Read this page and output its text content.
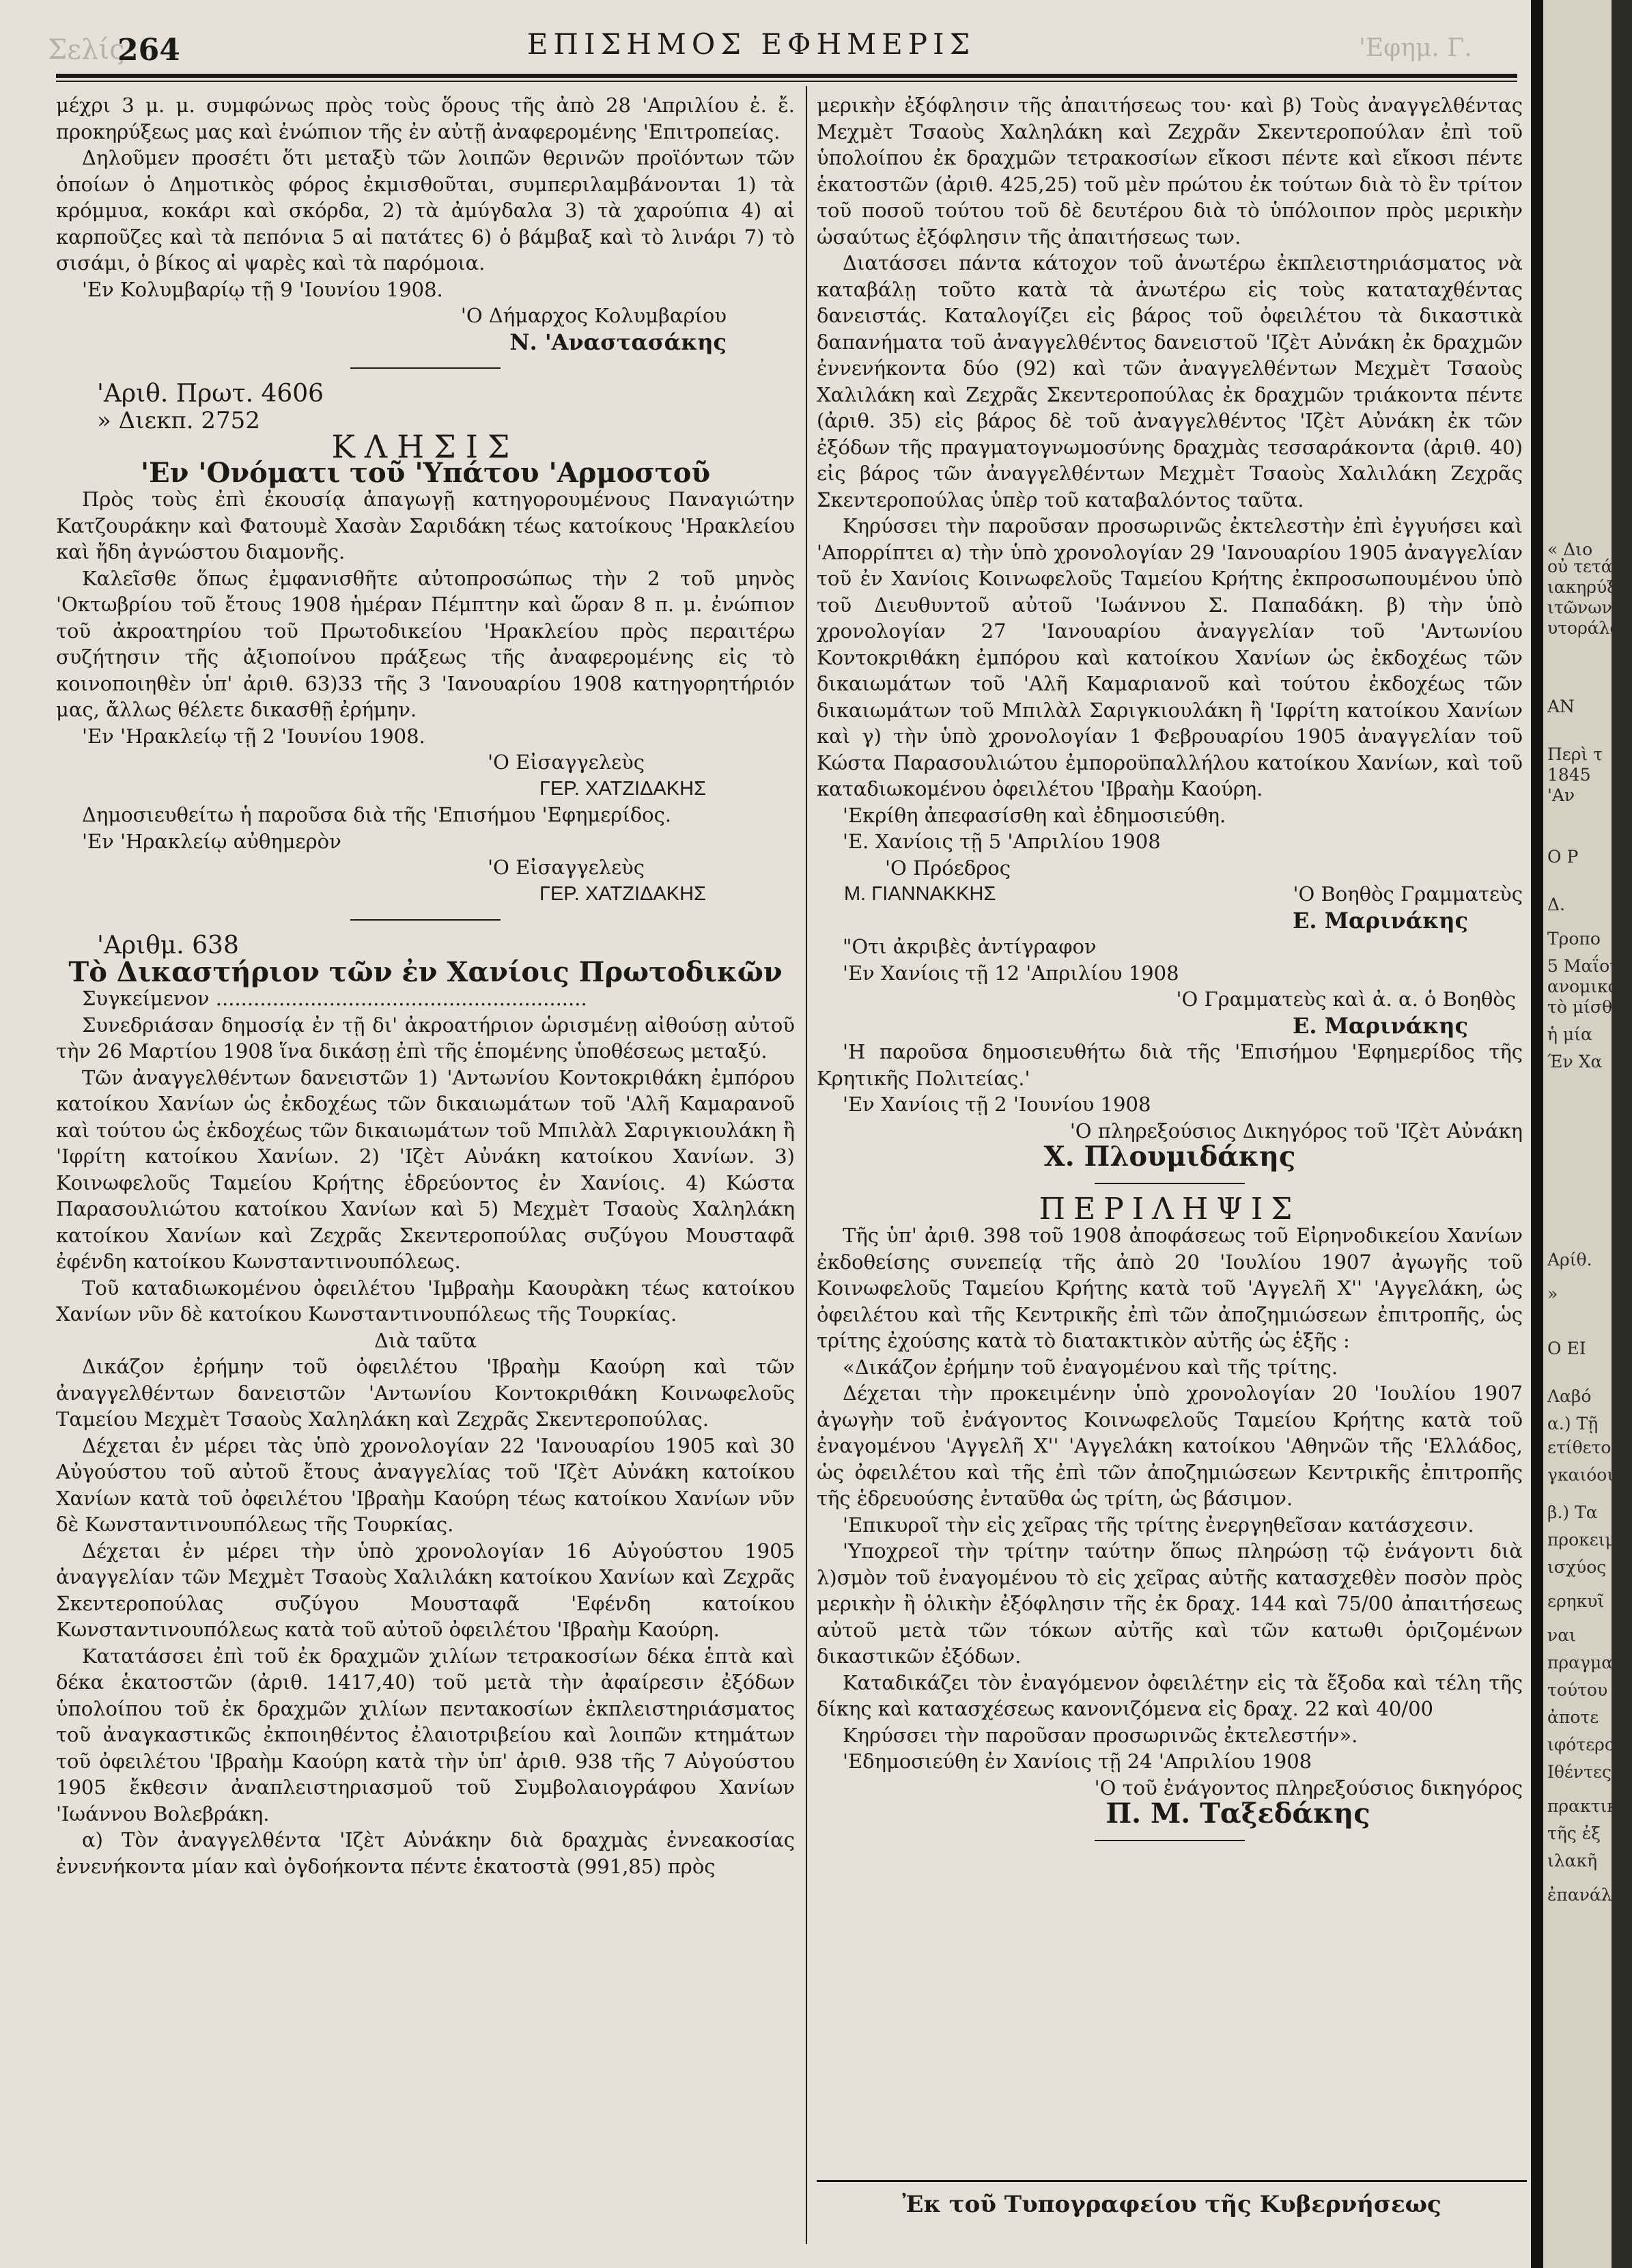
Σελίς
264	ΕΠΙΣΗΜΟΣ ΕΦΗΜΕΡΙΣ	'Εφημ. Γ.

μέχρι 3 μ. μ. συμφώνως πρὸς τοὺς ὅρους τῆς ἀπὸ 28 'Απριλίου ἐ. ἔ. προκηρύξεως μας καὶ ἐνώπιον τῆς ἐν αὐτῇ ἀναφερομένης 'Επιτροπείας.

Δηλοῦμεν προσέτι ὅτι μεταξὺ τῶν λοιπῶν θερινῶν προϊόντων τῶν ὁποίων ὁ Δημοτικὸς φόρος ἐκμισθοῦται, συμπεριλαμβάνονται 1) τὰ κρόμμυα, κοκάρι καὶ σκόρδα, 2) τὰ ἀμύγδαλα 3) τὰ χαρούπια 4) αἱ καρποῦζες καὶ τὰ πεπόνια 5 αἱ πατάτες 6) ὁ βάμβαξ καὶ τὸ λινάρι 7) τὸ σισάμι, ὁ βίκος αἱ ψαρὲς καὶ τὰ παρόμοια.

'Εν Κολυμβαρίῳ τῇ 9 'Ιουνίου 1908.

'Ο Δήμαρχος Κολυμβαρίου

Ν. 'Αναστασάκης

'Αριθ. Πρωτ. 4606

» Διεκπ. 2752

ΚΛΗΣΙΣ

'Εν 'Ονόματι τοῦ 'Υπάτου 'Αρμοστοῦ

Πρὸς τοὺς ἐπὶ ἐκουσίᾳ ἀπαγωγῇ κατηγορουμένους Παναγιώτην Κατζουράκην καὶ Φατουμὲ Χασὰν Σαριδάκη τέως κατοίκους 'Ηρακλείου καὶ ἤδη ἀγνώστου διαμονῆς.

Καλεῖσθε ὅπως ἐμφανισθῆτε αὐτοπροσώπως τὴν 2 τοῦ μηνὸς 'Οκτωβρίου τοῦ ἔτους 1908 ἡμέραν Πέμπτην καὶ ὥραν 8 π. μ. ἐνώπιον τοῦ ἀκροατηρίου τοῦ Πρωτοδικείου 'Ηρακλείου πρὸς περαιτέρω συζήτησιν τῆς ἀξιοποίνου πράξεως τῆς ἀναφερομένης εἰς τὸ κοινοποιηθὲν ὑπ' ἀριθ. 63)33 τῆς 3 'Ιανουαρίου 1908 κατηγορητήριόν μας, ἄλλως θέλετε δικασθῇ ἐρήμην.

'Εν 'Ηρακλείῳ τῇ 2 'Ιουνίου 1908.

'Ο Εἰσαγγελεὺς

ΓΕΡ. ΧΑΤΖΙΔΑΚΗΣ

Δημοσιευθείτω ἡ παροῦσα διὰ τῆς 'Επισήμου 'Εφημερίδος.

'Εν 'Ηρακλείῳ αὐθημερὸν

'Ο Εἰσαγγελεὺς

ΓΕΡ. ΧΑΤΖΙΔΑΚΗΣ

'Αριθμ. 638

Τὸ Δικαστήριον τῶν ἐν Χανίοις Πρωτοδικῶν

Συγκείμενον ...........................................................

Συνεδριάσαν δημοσίᾳ ἐν τῇ δι' ἀκροατήριον ὡρισμένῃ αἰθούσῃ αὐτοῦ τὴν 26 Μαρτίου 1908 ἵνα δικάσῃ ἐπὶ τῆς ἑπομένης ὑποθέσεως μεταξύ.

Τῶν ἀναγγελθέντων δανειστῶν 1) 'Αντωνίου Κοντοκριθάκη ἐμπόρου κατοίκου Χανίων ὡς ἐκδοχέως τῶν δικαιωμάτων τοῦ 'Αλῆ Καμαρανοῦ καὶ τούτου ὡς ἐκδοχέως τῶν δικαιωμάτων τοῦ Μπιλὰλ Σαριγκιουλάκη ἢ 'Ιφρίτη κατοίκου Χανίων. 2) 'Ιζὲτ Αὐνάκη κατοίκου Χανίων. 3) Κοινωφελοῦς Ταμείου Κρήτης ἑδρεύοντος ἐν Χανίοις. 4) Κώστα Παρασουλιώτου κατοίκου Χανίων καὶ 5) Μεχμὲτ Τσαοὺς Χαληλάκη κατοίκου Χανίων καὶ Ζεχρᾶς Σκεντεροπούλας συζύγου Μουσταφᾶ ἐφένδη κατοίκου Κωνσταντινουπόλεως.

Τοῦ καταδιωκομένου ὀφειλέτου 'Ιμβραὴμ Καουρὰκη τέως κατοίκου Χανίων νῦν δὲ κατοίκου Κωνσταντινουπόλεως τῆς Τουρκίας.

Διὰ ταῦτα

Δικάζον ἐρήμην τοῦ ὀφειλέτου 'Ιβραὴμ Καούρη καὶ τῶν ἀναγγελθέντων δανειστῶν 'Αντωνίου Κοντοκριθάκη Κοινωφελοῦς Ταμείου Μεχμὲτ Τσαοὺς Χαληλάκη καὶ Ζεχρᾶς Σκεντεροπούλας.

Δέχεται ἐν μέρει τὰς ὑπὸ χρονολογίαν 22 'Ιανουαρίου 1905 καὶ 30 Αὐγούστου τοῦ αὐτοῦ ἔτους ἀναγγελίας τοῦ 'Ιζὲτ Αὐνάκη κατοίκου Χανίων κατὰ τοῦ ὀφειλέτου 'Ιβραὴμ Καούρη τέως κατοίκου Χανίων νῦν δὲ Κωνσταντινουπόλεως τῆς Τουρκίας.

Δέχεται ἐν μέρει τὴν ὑπὸ χρονολογίαν 16 Αὐγούστου 1905 ἀναγγελίαν τῶν Μεχμὲτ Τσαοὺς Χαλιλάκη κατοίκου Χανίων καὶ Ζεχρᾶς Σκεντεροπούλας συζύγου Μουσταφᾶ 'Εφένδη κατοίκου Κωνσταντινουπόλεως κατὰ τοῦ αὐτοῦ ὀφειλέτου 'Ιβραὴμ Καούρη.

Κατατάσσει ἐπὶ τοῦ ἐκ δραχμῶν χιλίων τετρακοσίων δέκα ἑπτὰ καὶ δέκα ἑκατοστῶν (ἀριθ. 1417,40) τοῦ μετὰ τὴν ἀφαίρεσιν ἐξόδων ὑπολοίπου τοῦ ἐκ δραχμῶν χιλίων πεντακοσίων ἐκπλειστηριάσματος τοῦ ἀναγκαστικῶς ἐκποιηθέντος ἐλαιοτριβείου καὶ λοιπῶν κτημάτων τοῦ ὀφειλέτου 'Ιβραὴμ Καούρη κατὰ τὴν ὑπ' ἀριθ. 938 τῆς 7 Αὐγούστου 1905 ἔκθεσιν ἀναπλειστηριασμοῦ τοῦ Συμβολαιογράφου Χανίων 'Ιωάννου Βολεβράκη.

α) Τὸν ἀναγγελθέντα 'Ιζὲτ Αὐνάκην διὰ δραχμὰς ἐννεακοσίας ἐννενήκοντα μίαν καὶ ὀγδοήκοντα πέντε ἑκατοστὰ (991,85) πρὸς

μερικὴν ἐξόφλησιν τῆς ἀπαιτήσεως του· καὶ β) Τοὺς ἀναγγελθέντας Μεχμὲτ Τσαοὺς Χαληλάκη καὶ Ζεχρᾶν Σκεντεροπούλαν ἐπὶ τοῦ ὑπολοίπου ἐκ δραχμῶν τετρακοσίων εἴκοσι πέντε καὶ εἴκοσι πέντε ἑκατοστῶν (ἀριθ. 425,25) τοῦ μὲν πρώτου ἐκ τούτων διὰ τὸ ἓν τρίτον τοῦ ποσοῦ τούτου τοῦ δὲ δευτέρου διὰ τὸ ὑπόλοιπον πρὸς μερικὴν ὡσαύτως ἐξόφλησιν τῆς ἀπαιτήσεως των.

Διατάσσει πάντα κάτοχον τοῦ ἀνωτέρω ἐκπλειστηριάσματος νὰ καταβάλῃ τοῦτο κατὰ τὰ ἀνωτέρω εἰς τοὺς καταταχθέντας δανειστάς. Καταλογίζει εἰς βάρος τοῦ ὀφειλέτου τὰ δικαστικὰ δαπανήματα τοῦ ἀναγγελθέντος δανειστοῦ 'Ιζὲτ Αὐνάκη ἐκ δραχμῶν ἐννενήκοντα δύο (92) καὶ τῶν ἀναγγελθέντων Μεχμὲτ Τσαοὺς Χαλιλάκη καὶ Ζεχρᾶς Σκεντεροπούλας ἐκ δραχμῶν τριάκοντα πέντε (ἀριθ. 35) εἰς βάρος δὲ τοῦ ἀναγγελθέντος 'Ιζὲτ Αὐνάκη ἐκ τῶν ἐξόδων τῆς πραγματογνωμοσύνης δραχμὰς τεσσαράκοντα (ἀριθ. 40) εἰς βάρος τῶν ἀναγγελθέντων Μεχμὲτ Τσαοὺς Χαλιλάκη Ζεχρᾶς Σκεντεροπούλας ὑπὲρ τοῦ καταβαλόντος ταῦτα.

Κηρύσσει τὴν παροῦσαν προσωρινῶς ἐκτελεστὴν ἐπὶ ἐγγυήσει καὶ 'Απορρίπτει α) τὴν ὑπὸ χρονολογίαν 29 'Ιανουαρίου 1905 ἀναγγελίαν τοῦ ἐν Χανίοις Κοινωφελοῦς Ταμείου Κρήτης ἐκπροσωπουμένου ὑπὸ τοῦ Διευθυντοῦ αὐτοῦ 'Ιωάννου Σ. Παπαδάκη. β) τὴν ὑπὸ χρονολογίαν 27 'Ιανουαρίου ἀναγγελίαν τοῦ 'Αντωνίου Κοντοκριθάκη ἐμπόρου καὶ κατοίκου Χανίων ὡς ἐκδοχέως τῶν δικαιωμάτων τοῦ 'Αλῆ Καμαριανοῦ καὶ τούτου ἐκδοχέως τῶν δικαιωμάτων τοῦ Μπιλὰλ Σαριγκιουλάκη ἢ 'Ιφρίτη κατοίκου Χανίων καὶ γ) τὴν ὑπὸ χρονολογίαν 1 Φεβρουαρίου 1905 ἀναγγελίαν τοῦ Κώστα Παρασουλιώτου ἐμποροϋπαλλήλου κατοίκου Χανίων, καὶ τοῦ καταδιωκομένου ὀφειλέτου 'Ιβραὴμ Καούρη.

'Εκρίθη ἀπεφασίσθη καὶ ἐδημοσιεύθη.

'Ε. Χανίοις τῇ 5 'Απριλίου 1908

'Ο Πρόεδρος

Μ. ΓΙΑΝΝΑΚΚΗΣ	'Ο Βοηθὸς Γραμματεὺς

Ε. Μαρινάκης

"Οτι ἀκριβὲς ἀντίγραφον

'Εν Χανίοις τῇ 12 'Απριλίου 1908

'Ο Γραμματεὺς καὶ ἀ. α. ὁ Βοηθὸς

Ε. Μαρινάκης

'Η παροῦσα δημοσιευθήτω διὰ τῆς 'Επισήμου 'Εφημερίδος τῆς Κρητικῆς Πολιτείας.'

'Εν Χανίοις τῇ 2 'Ιουνίου 1908

'Ο πληρεξούσιος Δικηγόρος τοῦ 'Ιζὲτ Αὐνάκη

Χ. Πλουμιδάκης

ΠΕΡΙΛΗΨΙΣ

Τῆς ὑπ' ἀριθ. 398 τοῦ 1908 ἀποφάσεως τοῦ Εἰρηνοδικείου Χανίων ἐκδοθείσης συνεπείᾳ τῆς ἀπὸ 20 'Ιουλίου 1907 ἀγωγῆς τοῦ Κοινωφελοῦς Ταμείου Κρήτης κατὰ τοῦ 'Αγγελῆ Χ'' 'Αγγελάκη, ὡς ὀφειλέτου καὶ τῆς Κεντρικῆς ἐπὶ τῶν ἀποζημιώσεων ἐπιτροπῆς, ὡς τρίτης ἐχούσης κατὰ τὸ διατακτικὸν αὐτῆς ὡς ἑξῆς :

«Δικάζον ἐρήμην τοῦ ἐναγομένου καὶ τῆς τρίτης.

Δέχεται τὴν προκειμένην ὑπὸ χρονολογίαν 20 'Ιουλίου 1907 ἀγωγὴν τοῦ ἐνάγοντος Κοινωφελοῦς Ταμείου Κρήτης κατὰ τοῦ ἐναγομένου 'Αγγελῆ Χ'' 'Αγγελάκη κατοίκου 'Αθηνῶν τῆς 'Ελλάδος, ὡς ὀφειλέτου καὶ τῆς ἐπὶ τῶν ἀποζημιώσεων Κεντρικῆς ἐπιτροπῆς τῆς ἑδρευούσης ἐνταῦθα ὡς τρίτη, ὡς βάσιμον.

'Επικυροῖ τὴν εἰς χεῖρας τῆς τρίτης ἐνεργηθεῖσαν κατάσχεσιν.

'Υποχρεοῖ τὴν τρίτην ταύτην ὅπως πληρώσῃ τῷ ἐνάγοντι διὰ λ)σμὸν τοῦ ἐναγομένου τὸ εἰς χεῖρας αὐτῆς κατασχεθὲν ποσὸν πρὸς μερικὴν ἢ ὁλικὴν ἐξόφλησιν τῆς ἐκ δραχ. 144 καὶ 75/00 ἀπαιτήσεως αὐτοῦ μετὰ τῶν τόκων αὐτῆς καὶ τῶν κατωθι ὁριζομένων δικαστικῶν ἐξόδων.

Καταδικάζει τὸν ἐναγόμενον ὀφειλέτην εἰς τὰ ἔξοδα καὶ τέλη τῆς δίκης καὶ κατασχέσεως κανονιζόμενα εἰς δραχ. 22 καὶ 40/00

Κηρύσσει τὴν παροῦσαν προσωρινῶς ἐκτελεστήν».

'Εδημοσιεύθη ἐν Χανίοις τῇ 24 'Απριλίου 1908

'Ο τοῦ ἐνάγοντος πληρεξούσιος δικηγόρος

Π. Μ. Ταξεδάκης

Ἐκ τοῦ Τυπογραφείου τῆς Κυβερνήσεως
« Διο
οὐ τετάρ
ιακηρύξ
ιτῶνων
υτοράλα
ΑΝ
Περὶ τ
1845
'Αν
Ο Ρ
Δ.
Τροπο
5 Μαΐου
ανομικῶν
τὸ μίσθω
ἡ μία
Έν Χα
Αρίθ.
»
Ο ΕΙ
Λαβό
α.) Τῇ
ετίθετο
γκαιόουλ
β.) Τα
προκειμ
ισχύος
ερηκυῖ
ναι
πραγματ
τούτου
ἀποτε
ιφότεροι
Ιθέντες
πρακτικ
τῆς ἐξ
ιλακῆ
ἐπανάλη
